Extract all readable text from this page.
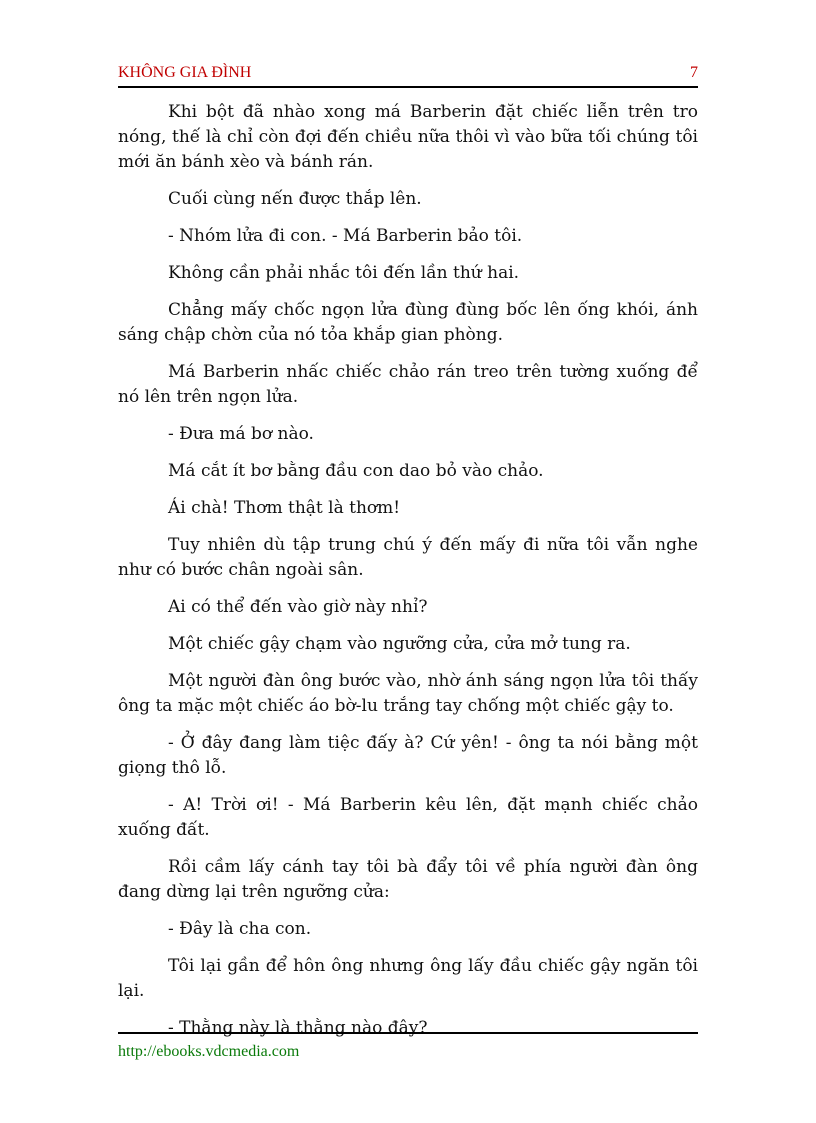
KHÔNG GIA ĐÌNH	7

Khi bột đã nhào xong má Barberin đặt chiếc liễn trên tro nóng, thế là chỉ còn đợi đến chiều nữa thôi vì vào bữa tối chúng tôi mới ăn bánh xèo và bánh rán.

Cuối cùng nến được thắp lên.

- Nhóm lửa đi con. - Má Barberin bảo tôi.

Không cần phải nhắc tôi đến lần thứ hai.

Chẳng mấy chốc ngọn lửa đùng đùng bốc lên ống khói, ánh sáng chập chờn của nó tỏa khắp gian phòng.

Má Barberin nhấc chiếc chảo rán treo trên tường xuống để nó lên trên ngọn lửa.

- Đưa má bơ nào.

Má cắt ít bơ bằng đầu con dao bỏ vào chảo.

Ái chà! Thơm thật là thơm!

Tuy nhiên dù tập trung chú ý đến mấy đi nữa tôi vẫn nghe như có bước chân ngoài sân.

Ai có thể đến vào giờ này nhỉ?

Một chiếc gậy chạm vào ngưỡng cửa, cửa mở tung ra.

Một người đàn ông bước vào, nhờ ánh sáng ngọn lửa tôi thấy ông ta mặc một chiếc áo bờ-lu trắng tay chống một chiếc gậy to.

- Ở đây đang làm tiệc đấy à? Cứ yên! - ông ta nói bằng một giọng thô lỗ.

- A! Trời ơi! - Má Barberin kêu lên, đặt mạnh chiếc chảo xuống đất.

Rồi cầm lấy cánh tay tôi bà đẩy tôi về phía người đàn ông đang dừng lại trên ngưỡng cửa:

- Đây là cha con.

Tôi lại gần để hôn ông nhưng ông lấy đầu chiếc gậy ngăn tôi lại.

- Thằng này là thằng nào đây?

http://ebooks.vdcmedia.com
